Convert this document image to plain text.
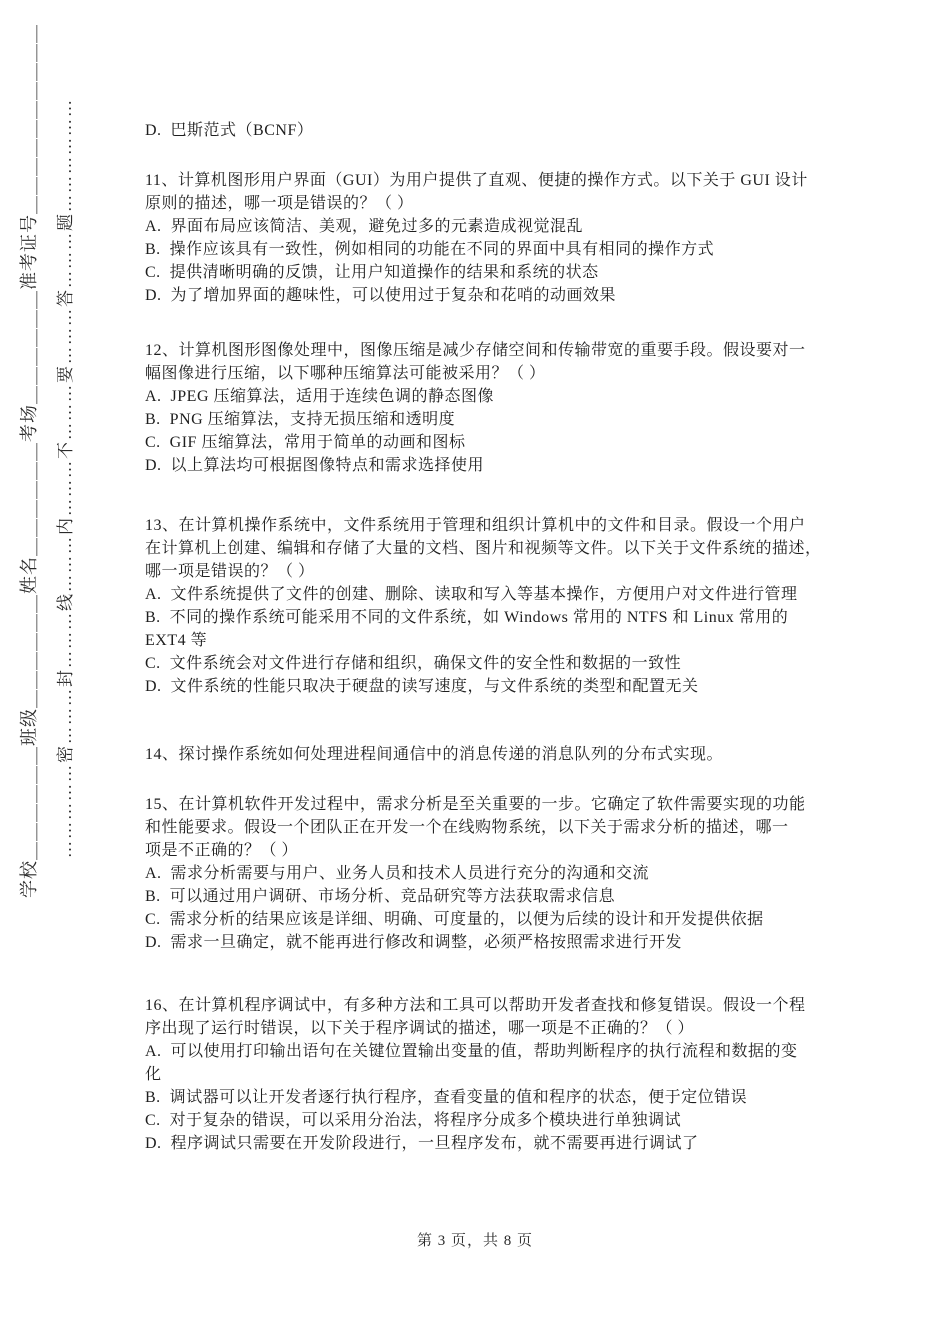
学校＿＿＿＿＿＿班级＿＿＿＿＿＿姓名＿＿＿＿＿＿考场＿＿＿＿＿＿准考证号＿＿＿＿＿＿＿＿＿＿ ……………密………封………线………内………不………要………答………题………………	D.  巴斯范式（BCNF）
11、计算机图形用户界面（GUI）为用户提供了直观、便捷的操作方式。以下关于 GUI 设计
原则的描述，哪一项是错误的？（ ）
A.  界面布局应该简洁、美观，避免过多的元素造成视觉混乱
B.  操作应该具有一致性，例如相同的功能在不同的界面中具有相同的操作方式
C.  提供清晰明确的反馈，让用户知道操作的结果和系统的状态
D.  为了增加界面的趣味性，可以使用过于复杂和花哨的动画效果
12、计算机图形图像处理中，图像压缩是减少存储空间和传输带宽的重要手段。假设要对一
幅图像进行压缩，以下哪种压缩算法可能被采用？（ ）
A.  JPEG 压缩算法，适用于连续色调的静态图像
B.  PNG 压缩算法，支持无损压缩和透明度
C.  GIF 压缩算法，常用于简单的动画和图标
D.  以上算法均可根据图像特点和需求选择使用
13、在计算机操作系统中，文件系统用于管理和组织计算机中的文件和目录。假设一个用户
在计算机上创建、编辑和存储了大量的文档、图片和视频等文件。以下关于文件系统的描述，
哪一项是错误的？（ ）
A.  文件系统提供了文件的创建、删除、读取和写入等基本操作，方便用户对文件进行管理
B.  不同的操作系统可能采用不同的文件系统，如 Windows 常用的 NTFS 和 Linux 常用的
EXT4 等
C.  文件系统会对文件进行存储和组织，确保文件的安全性和数据的一致性
D.  文件系统的性能只取决于硬盘的读写速度，与文件系统的类型和配置无关
14、探讨操作系统如何处理进程间通信中的消息传递的消息队列的分布式实现。
15、在计算机软件开发过程中，需求分析是至关重要的一步。它确定了软件需要实现的功能
和性能要求。假设一个团队正在开发一个在线购物系统，以下关于需求分析的描述，哪一
项是不正确的？（ ）
A.  需求分析需要与用户、业务人员和技术人员进行充分的沟通和交流
B.  可以通过用户调研、市场分析、竞品研究等方法获取需求信息
C.  需求分析的结果应该是详细、明确、可度量的，以便为后续的设计和开发提供依据
D.  需求一旦确定，就不能再进行修改和调整，必须严格按照需求进行开发
16、在计算机程序调试中，有多种方法和工具可以帮助开发者查找和修复错误。假设一个程
序出现了运行时错误，以下关于程序调试的描述，哪一项是不正确的？（ ）
A.  可以使用打印输出语句在关键位置输出变量的值，帮助判断程序的执行流程和数据的变
化
B.  调试器可以让开发者逐行执行程序，查看变量的值和程序的状态，便于定位错误
C.  对于复杂的错误，可以采用分治法，将程序分成多个模块进行单独调试
D.  程序调试只需要在开发阶段进行，一旦程序发布，就不需要再进行调试了
第 3 页，共 8 页
